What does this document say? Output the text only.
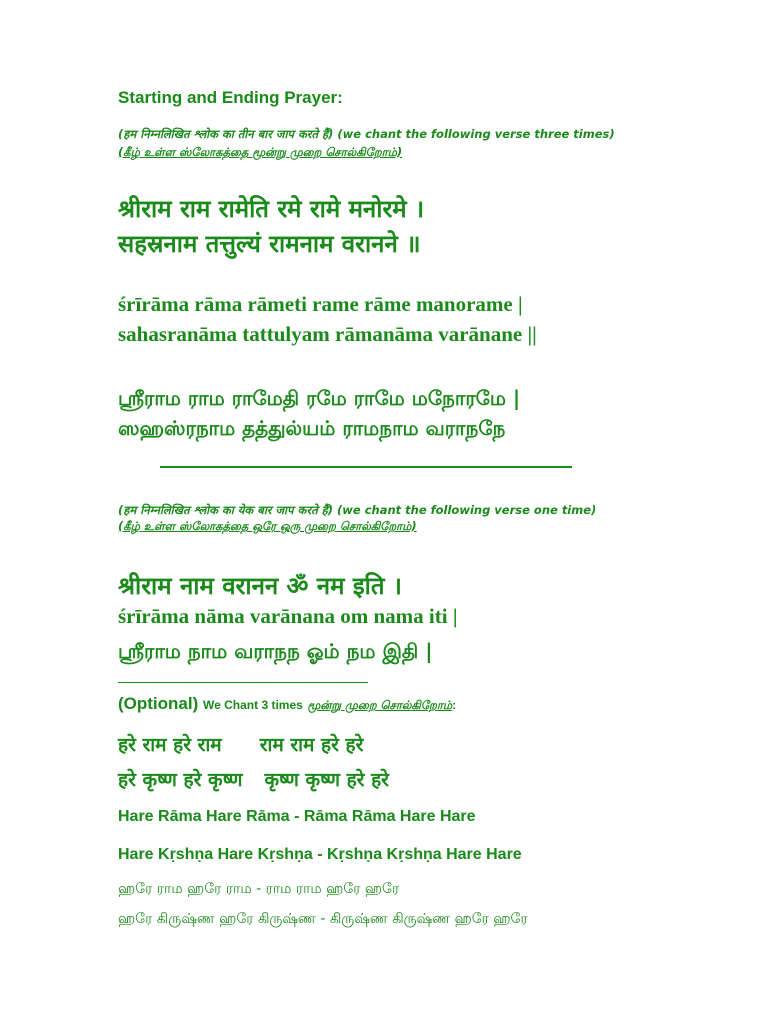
Starting and Ending Prayer:
(हम निम्नलिखित श्लोक का तीन बार जाप करते हैं) (we chant the following verse three times)
(கீழ் உள்ள ஸ்லோகத்தை மூன்று முறை சொல்கிறோம்)
श्रीराम राम रामेति रमे रामे मनोरमे ।
सहस्रनाम तत्तुल्यं रामनाम वरानने ॥
śrīrāma rāma rāmeti rame rāme manorame |
sahasranāma tattulyam rāmanāma varānane ||
ஸ்ரீராம ராம ராமேதி ரமே ராமே மநோரமே |
ஸஹஸ்ரநாம தத்துல்யம் ராமநாம வராநநே
(हम निम्नलिखित श्लोक का येक बार जाप करते हैं) (we chant the following verse one time)
(கீழ் உள்ள ஸ்லோகத்தை ஒரே ஒரு முறை சொல்கிறோம்)
श्रीराम नाम वरानन ॐ नम इति ।
śrīrāma nāma varānana om nama iti |
ஸ்ரீராம நாம வராநந ஓம் நம இதி |
(Optional) We Chant 3 times மூன்று முறை சொல்கிறோம்:
हरे राम हरे राम राम राम हरे हरे
हरे कृष्ण हरे कृष्ण कृष्ण कृष्ण हरे हरे
Hare Rāma Hare Rāma - Rāma Rāma Hare Hare
Hare Kṛshṇa Hare Kṛshṇa - Kṛshṇa Kṛshṇa Hare Hare
ஹரே ராம ஹரே ராம - ராம ராம ஹரே ஹரே
ஹரே கிருஷ்ண ஹரே கிருஷ்ண - கிருஷ்ண கிருஷ்ண ஹரே ஹரே
